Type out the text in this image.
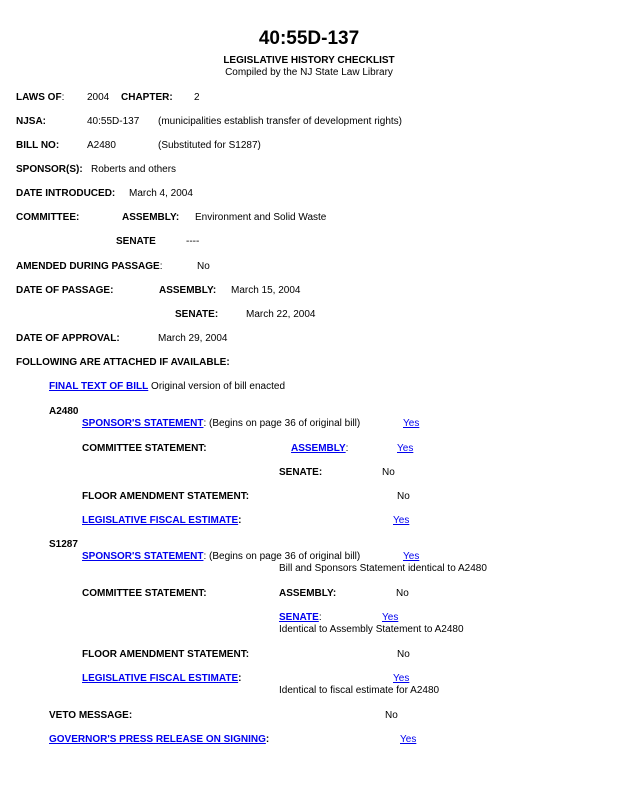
40:55D-137
LEGISLATIVE HISTORY CHECKLIST
Compiled by the NJ State Law Library
LAWS OF: 2004 CHAPTER: 2
NJSA:	40:55D-137 (municipalities establish transfer of development rights)
BILL NO:	A2480	(Substituted for S1287)
SPONSOR(S): Roberts and others
DATE INTRODUCED: March 4, 2004
COMMITTEE:	ASSEMBLY: Environment and Solid Waste
SENATE	----
AMENDED DURING PASSAGE:	No
DATE OF PASSAGE:	ASSEMBLY: March 15, 2004
SENATE:	March 22, 2004
DATE OF APPROVAL:	March 29, 2004
FOLLOWING ARE ATTACHED IF AVAILABLE:
FINAL TEXT OF BILL Original version of bill enacted
A2480
SPONSOR'S STATEMENT: (Begins on page 36 of original bill)	Yes
COMMITTEE STATEMENT:	ASSEMBLY:	Yes
SENATE:	No
FLOOR AMENDMENT STATEMENT:	No
LEGISLATIVE FISCAL ESTIMATE:	Yes
S1287
SPONSOR'S STATEMENT: (Begins on page 36 of original bill)	Yes
Bill and Sponsors Statement identical to A2480
COMMITTEE STATEMENT:	ASSEMBLY:	No
SENATE:	Yes
Identical to Assembly Statement to A2480
FLOOR AMENDMENT STATEMENT:	No
LEGISLATIVE FISCAL ESTIMATE:	Yes
Identical to fiscal estimate for A2480
VETO MESSAGE:	No
GOVERNOR'S PRESS RELEASE ON SIGNING:	Yes
